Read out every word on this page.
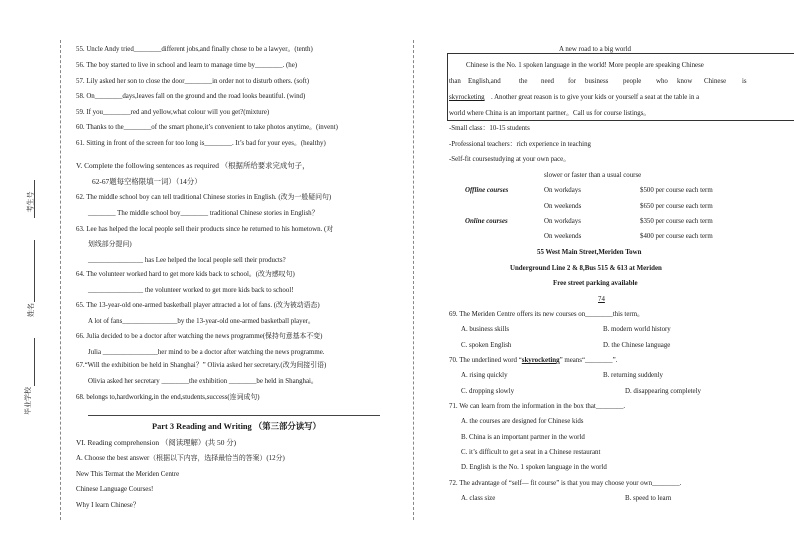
考生号
姓名
毕业学校
55. Uncle Andy tried________different jobs,and finally chose to be a lawyer。(tenth)
56. The boy started to live in school and learn to manage time by________. (he)
57. Lily asked her son to close the door________in order not to disturb others. (soft)
58. On________days,leaves fall on the ground and the road looks beautiful. (wind)
59. If you________red and yellow,what colour will you get?(mixture)
60. Thanks to the________of the smart phone,it’s convenient to take photos anytime。(invent)
61. Sitting in front of the screen for too long is________. It’s bad for your eyes。(healthy)
V. Complete the following sentences as required （根据所给要求完成句子，
62-67题每空格限填一词）（14分）
62. The middle school boy can tell traditional Chinese stories in English. (改为一般疑问句)
________ The middle school boy________ traditional Chinese stories in English？
63. Lee has helped the local people sell their products since he returned to his hometown. (对
划线部分提问)
________________ has Lee helped the local people sell their products?
64. The volunteer worked hard to get more kids back to school。(改为感叹句)
________________ the volunteer worked to get more kids back to school!
65. The 13-year-old one-armed basketball player attracted a lot of fans. (改为被动语态)
A lot of fans________________by the 13-year-old one-armed basketball player。
66. Julia decided to be a doctor after watching the news programme(保持句意基本不变)
Julia ________________her mind to be a doctor after watching the news programme.
67.“Will the exhibition be held in Shanghai？” Olivia asked her secretary.(改为间接引语)
Olivia asked her secretary ________the exhibition ________be held in Shanghai。
68. belongs to,hardworking,in the end,students,success(连词成句)
Part 3 Reading and Writing （第三部分读写）
VI. Reading comprehension （阅读理解）(共 50 分)
A. Choose the best answer（根据以下内容，选择最恰当的答案）(12分)
New This Termat the Meriden Centre
Chinese Language Courses!
Why I learn Chinese？
A new road to a big world
Chinese is the No. 1 spoken language in the world! More people are speaking Chinese
than English,and	the need for business people who know Chinese is
skyrocketing . Another great reason is to give your kids or yourself a seat at the table in a
world where China is an important partner。Call us for course listings。
-Small class：10-15 students
-Professional teachers：rich experience in teaching
-Self-fit coursestudying at your own pace。
slower or faster than a usual course
Offline courses	On workdays	$500 per course each term
On weekends	$650 per course each term
Online courses	On workdays	$350 per course each term
On weekends	$400 per course each term
55 West Main Street,Meriden Town
Underground Line 2 & 8,Bus 515 & 613 at Meriden
Free street parking available
74
69. The Meriden Centre offers its new courses on________this term。
A. business skills	B. modern world history
C. spoken English	D. the Chinese language
70. The underlined word “skyrocketing” means“________”.
A. rising quickly	B. returning suddenly
C. dropping slowly	D. disappearing completely
71. We can learn from the information in the box that________.
A. the courses are designed for Chinese kids
B. China is an important partner in the world
C. it’s difficult to get a seat in a Chinese restaurant
D. English is the No. 1 spoken language in the world
72. The advantage of “self— fit course” is that you may choose your own________.
A. class size	B. speed to learn
